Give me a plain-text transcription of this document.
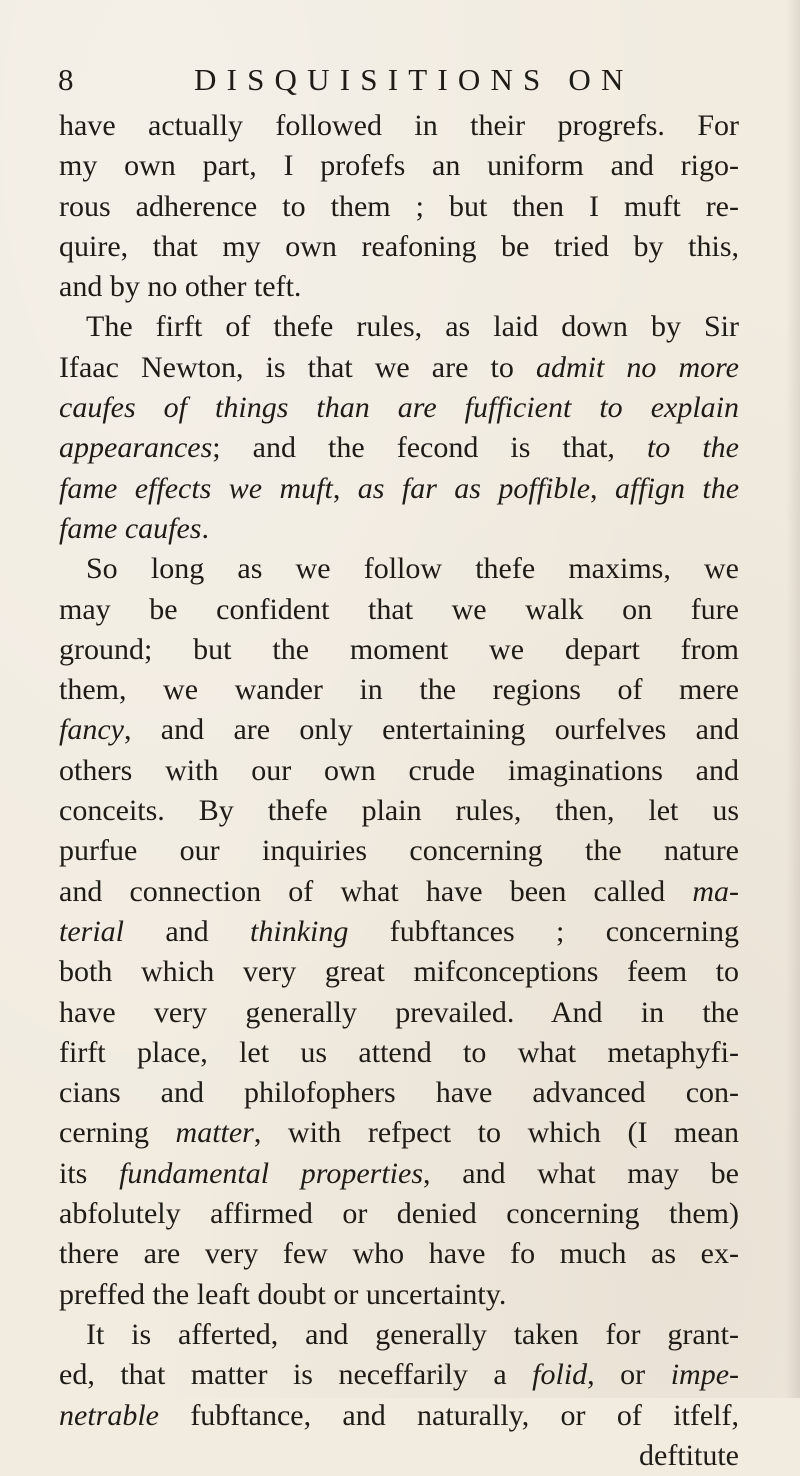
8	DISQUISITIONS ON
have actually followed in their progrefs. For
my own part, I profefs an uniform and rigo-
rous adherence to them ; but then I muft re-
quire, that my own reafoning be tried by this,
and by no other teft.
The firft of thefe rules, as laid down by Sir
Ifaac Newton, is that we are to admit no more
caufes of things than are fufficient to explain
appearances; and the fecond is that, to the
fame effects we muft, as far as poffible, affign the
fame caufes.
So long as we follow thefe maxims, we
may be confident that we walk on fure
ground; but the moment we depart from
them, we wander in the regions of mere
fancy, and are only entertaining ourfelves and
others with our own crude imaginations and
conceits. By thefe plain rules, then, let us
purfue our inquiries concerning the nature
and connection of what have been called ma-
terial and thinking fubftances ; concerning
both which very great mifconceptions feem to
have very generally prevailed. And in the
firft place, let us attend to what metaphyfi-
cians and philofophers have advanced con-
cerning matter, with refpect to which (I mean
its fundamental properties, and what may be
abfolutely affirmed or denied concerning them)
there are very few who have fo much as ex-
preffed the leaft doubt or uncertainty.
It is afferted, and generally taken for grant-
ed, that matter is neceffarily a folid, or impe-
netrable fubftance, and naturally, or of itfelf,
deftitute
